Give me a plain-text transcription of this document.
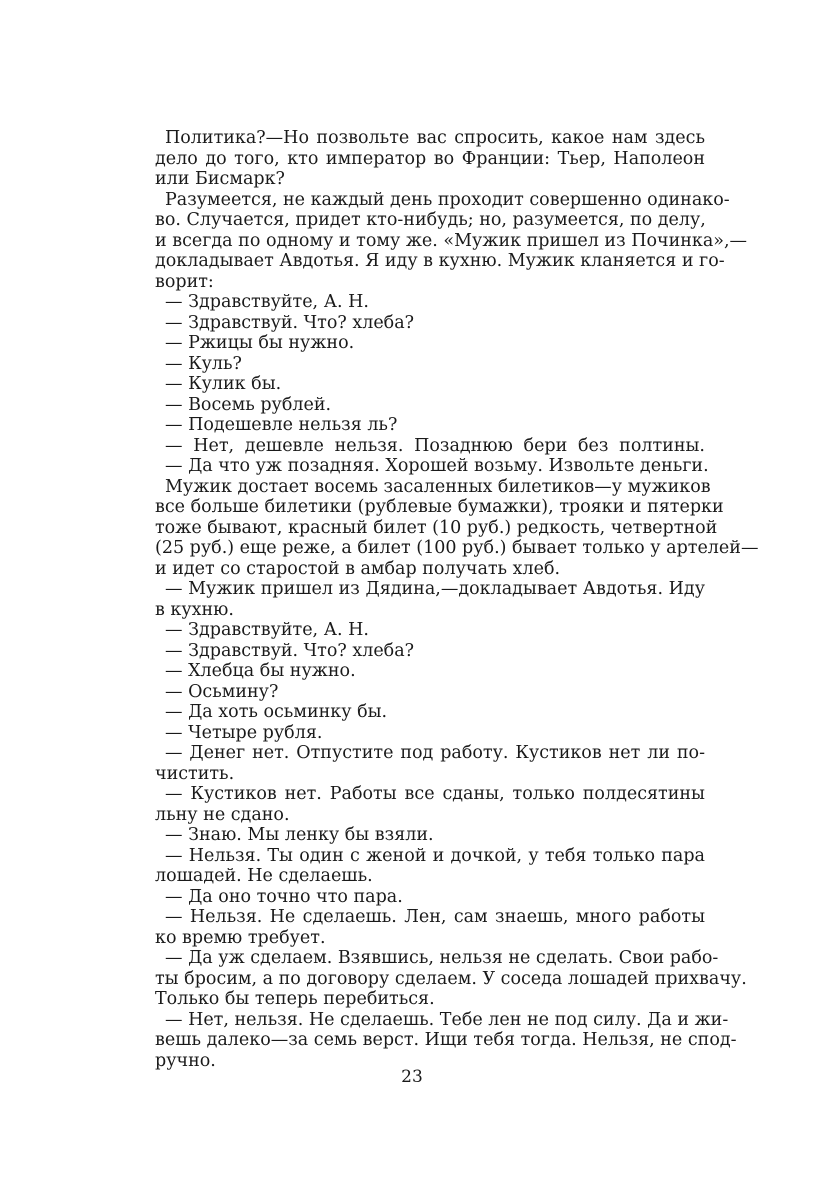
Политика?—Но позвольте вас спросить, какое нам здесь
дело до того, кто император во Франции: Тьер, Наполеон
или Бисмарк?
Разумеется, не каждый день проходит совершенно одинако-
во. Случается, придет кто-нибудь; но, разумеется, по делу,
и всегда по одному и тому же. «Мужик пришел из Починка»,—
докладывает Авдотья. Я иду в кухню. Мужик кланяется и го-
ворит:
— Здравствуйте, А. Н.
— Здравствуй. Что? хлеба?
— Ржицы бы нужно.
— Куль?
— Кулик бы.
— Восемь рублей.
— Подешевле нельзя ль?
— Нет, дешевле нельзя. Позаднюю бери без полтины.
— Да что уж позадняя. Хорошей возьму. Извольте деньги.
Мужик достает восемь засаленных билетиков—у мужиков
все больше билетики (рублевые бумажки), трояки и пятерки
тоже бывают, красный билет (10 руб.) редкость, четвертной
(25 руб.) еще реже, а билет (100 руб.) бывает только у артелей—
и идет со старостой в амбар получать хлеб.
— Мужик пришел из Дядина,—докладывает Авдотья. Иду
в кухню.
— Здравствуйте, А. Н.
— Здравствуй. Что? хлеба?
— Хлебца бы нужно.
— Осьмину?
— Да хоть осьминку бы.
— Четыре рубля.
— Денег нет. Отпустите под работу. Кустиков нет ли по-
чистить.
— Кустиков нет. Работы все сданы, только полдесятины
льну не сдано.
— Знаю. Мы ленку бы взяли.
— Нельзя. Ты один с женой и дочкой, у тебя только пара
лошадей. Не сделаешь.
— Да оно точно что пара.
— Нельзя. Не сделаешь. Лен, сам знаешь, много работы
ко времю требует.
— Да уж сделаем. Взявшись, нельзя не сделать. Свои рабо-
ты бросим, а по договору сделаем. У соседа лошадей прихвачу.
Только бы теперь перебиться.
— Нет, нельзя. Не сделаешь. Тебе лен не под силу. Да и жи-
вешь далеко—за семь верст. Ищи тебя тогда. Нельзя, не спод-
ручно.
23
